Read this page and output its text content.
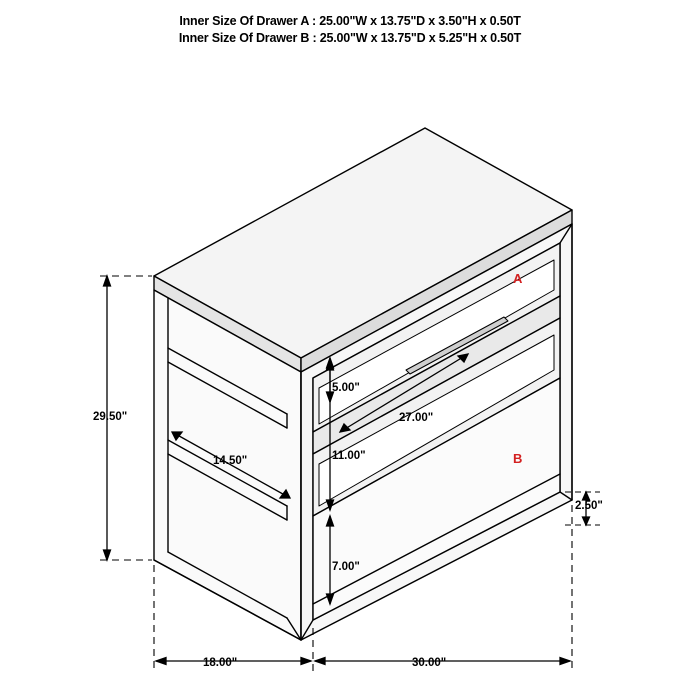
Inner Size Of Drawer A : 25.00"W x 13.75"D x 3.50"H x 0.50T
Inner Size Of Drawer B : 25.00"W x 13.75"D x 5.25"H x 0.50T
A
B
29.50"
14.50"
5.00"
11.00"
7.00"
27.00"
2.50"
18.00"	30.00"
